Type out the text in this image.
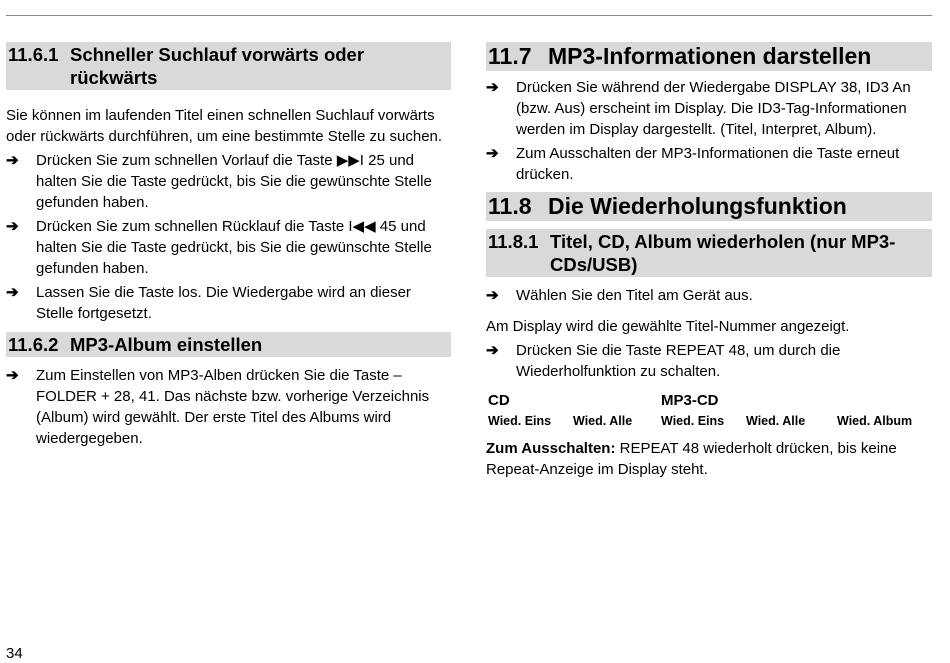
11.6.1 Schneller Suchlauf vorwärts oder rückwärts

Sie können im laufenden Titel einen schnellen Suchlauf vorwärts oder rückwärts durchführen, um eine bestimmte Stelle zu suchen.

➔	Drücken Sie zum schnellen Vorlauf die Taste ▶▶I 25 und halten Sie die Taste gedrückt, bis Sie die gewünschte Stelle gefunden haben.
➔	Drücken Sie zum schnellen Rücklauf die Taste I◀◀ 45 und halten Sie die Taste gedrückt, bis Sie die gewünschte Stelle gefunden haben.
➔	Lassen Sie die Taste los. Die Wiedergabe wird an dieser Stelle fortgesetzt.
11.6.2 MP3-Album einstellen
➔	Zum Einstellen von MP3-Alben drücken Sie die Taste – FOLDER + 28, 41. Das nächste bzw. vorherige Verzeichnis (Album) wird gewählt. Der erste Titel des Albums wird wiedergegeben.
11.7 MP3-Informationen darstellen
➔	Drücken Sie während der Wiedergabe DISPLAY 38, ID3 An (bzw. Aus) erscheint im Display. Die ID3-Tag-Informationen werden im Display dargestellt. (Titel, Interpret, Album).
➔	Zum Ausschalten der MP3-Informationen die Taste erneut drücken.
11.8 Die Wiederholungsfunktion
11.8.1 Titel, CD, Album wiederholen (nur MP3-CDs/USB)
➔	Wählen Sie den Titel am Gerät aus.

Am Display wird die gewählte Titel-Nummer angezeigt.

➔	Drücken Sie die Taste REPEAT 48, um durch die Wiederholfunktion zu schalten.
CD	MP3-CD
Wied. Eins Wied. Alle Wied. Eins Wied. Alle	Wied. Album

Zum Ausschalten: REPEAT 48 wiederholt drücken, bis keine Repeat-Anzeige im Display steht.

34
